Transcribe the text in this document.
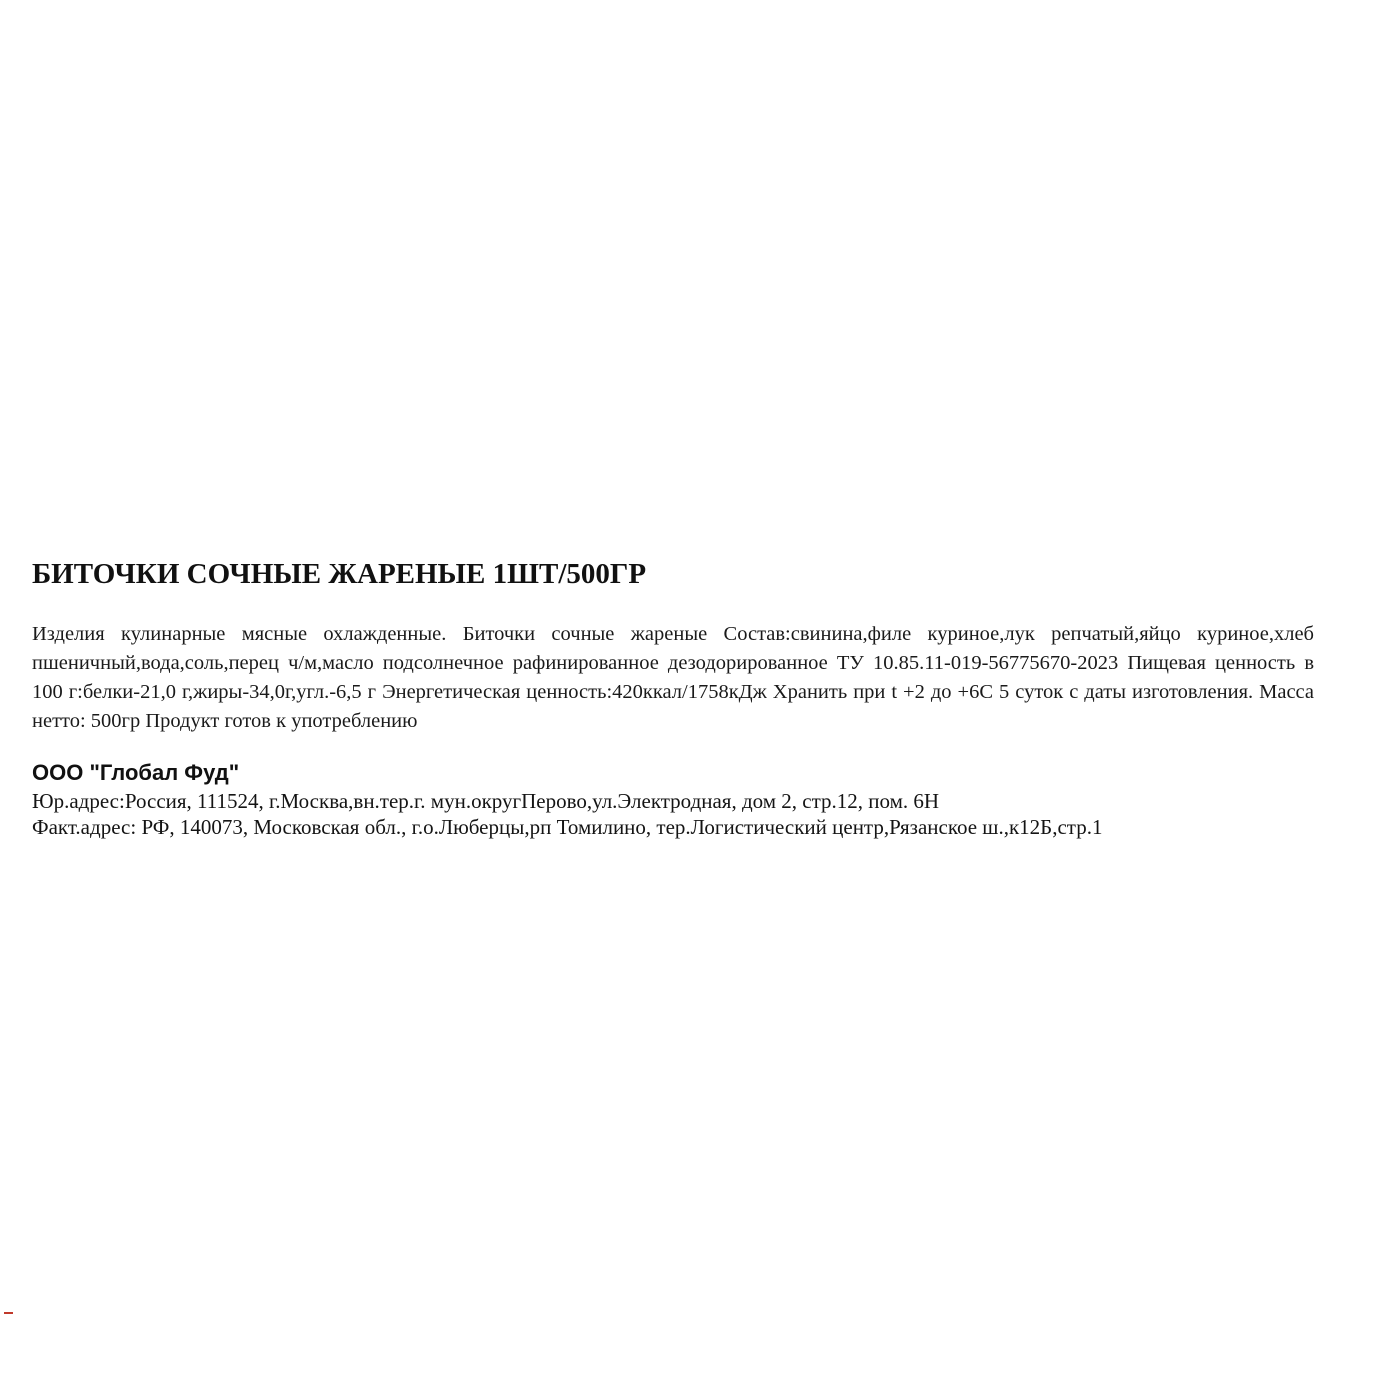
БИТОЧКИ СОЧНЫЕ ЖАРЕНЫЕ 1ШТ/500ГР

Изделия кулинарные мясные охлажденные. Биточки сочные жареные Состав:свинина,филе куриное,лук репчатый,яйцо куриное,хлеб пшеничный,вода,соль,перец ч/м,масло подсолнечное рафинированное дезодорированное ТУ 10.85.11-019-56775670-2023 Пищевая ценность в 100 г:белки-21,0 г,жиры-34,0г,угл.-6,5 г Энергетическая ценность:420ккал/1758кДж Хранить при t +2 до +6С 5 суток с даты изготовления. Масса нетто: 500гр Продукт готов к употреблению

ООО "Глобал Фуд"

Юр.адрес:Россия, 111524, г.Москва,вн.тер.г. мун.округПерово,ул.Электродная, дом 2, стр.12, пом. 6Н

Факт.адрес: РФ, 140073, Московская обл., г.о.Люберцы,рп Томилино, тер.Логистический центр,Рязанское ш.,к12Б,стр.1
